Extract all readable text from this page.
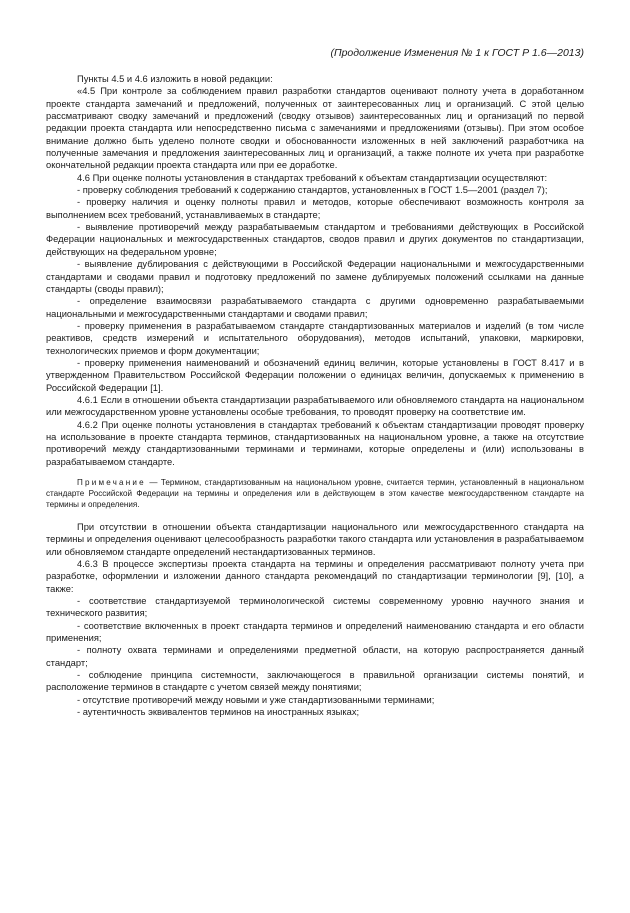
(Продолжение Изменения № 1 к ГОСТ Р 1.6—2013)

Пункты 4.5 и 4.6 изложить в новой редакции:

«4.5 При контроле за соблюдением правил разработки стандартов оценивают полноту учета в доработанном проекте стандарта замечаний и предложений, полученных от заинтересованных лиц и организаций. С этой целью рассматривают сводку замечаний и предложений (сводку отзывов) заинтересованных лиц и организаций по первой редакции проекта стандарта или непосредственно письма с замечаниями и предложениями (отзывы). При этом особое внимание должно быть уделено полноте сводки и обоснованности изложенных в ней заключений разработчика на полученные замечания и предложения заинтересованных лиц и организаций, а также полноте их учета при разработке окончательной редакции проекта стандарта или при ее доработке.

4.6 При оценке полноты установления в стандартах требований к объектам стандартизации осуществляют:

- проверку соблюдения требований к содержанию стандартов, установленных в ГОСТ 1.5—2001 (раздел 7);

- проверку наличия и оценку полноты правил и методов, которые обеспечивают возможность контроля за выполнением всех требований, устанавливаемых в стандарте;

- выявление противоречий между разрабатываемым стандартом и требованиями действующих в Российской Федерации национальных и межгосударственных стандартов, сводов правил и других документов по стандартизации, действующих на федеральном уровне;

- выявление дублирования с действующими в Российской Федерации национальными и межгосударственными стандартами и сводами правил и подготовку предложений по замене дублируемых положений ссылками на данные стандарты (своды правил);

- определение взаимосвязи разрабатываемого стандарта с другими одновременно разрабатываемыми национальными и межгосударственными стандартами и сводами правил;

- проверку применения в разрабатываемом стандарте стандартизованных материалов и изделий (в том числе реактивов, средств измерений и испытательного оборудования), методов испытаний, упаковки, маркировки, технологических приемов и форм документации;

- проверку применения наименований и обозначений единиц величин, которые установлены в ГОСТ 8.417 и в утвержденном Правительством Российской Федерации положении о единицах величин, допускаемых к применению в Российской Федерации [1].

4.6.1 Если в отношении объекта стандартизации разрабатываемого или обновляемого стандарта на национальном или межгосударственном уровне установлены особые требования, то проводят проверку на соответствие им.

4.6.2 При оценке полноты установления в стандартах требований к объектам стандартизации проводят проверку на использование в проекте стандарта терминов, стандартизованных на национальном уровне, а также на отсутствие противоречий между стандартизованными терминами и терминами, которые определены и (или) использованы в разрабатываемом стандарте.

Примечание — Термином, стандартизованным на национальном уровне, считается термин, установленный в национальном стандарте Российской Федерации на термины и определения или в действующем в этом качестве межгосударственном стандарте на термины и определения.

При отсутствии в отношении объекта стандартизации национального или межгосударственного стандарта на термины и определения оценивают целесообразность разработки такого стандарта или установления в разрабатываемом или обновляемом стандарте определений нестандартизованных терминов.

4.6.3 В процессе экспертизы проекта стандарта на термины и определения рассматривают полноту учета при разработке, оформлении и изложении данного стандарта рекомендаций по стандартизации терминологии [9], [10], а также:

- соответствие стандартизуемой терминологической системы современному уровню научного знания и технического развития;

- соответствие включенных в проект стандарта терминов и определений наименованию стандарта и его области применения;

- полноту охвата терминами и определениями предметной области, на которую распространяется данный стандарт;

- соблюдение принципа системности, заключающегося в правильной организации системы понятий, и расположение терминов в стандарте с учетом связей между понятиями;

- отсутствие противоречий между новыми и уже стандартизованными терминами;

- аутентичность эквивалентов терминов на иностранных языках;
